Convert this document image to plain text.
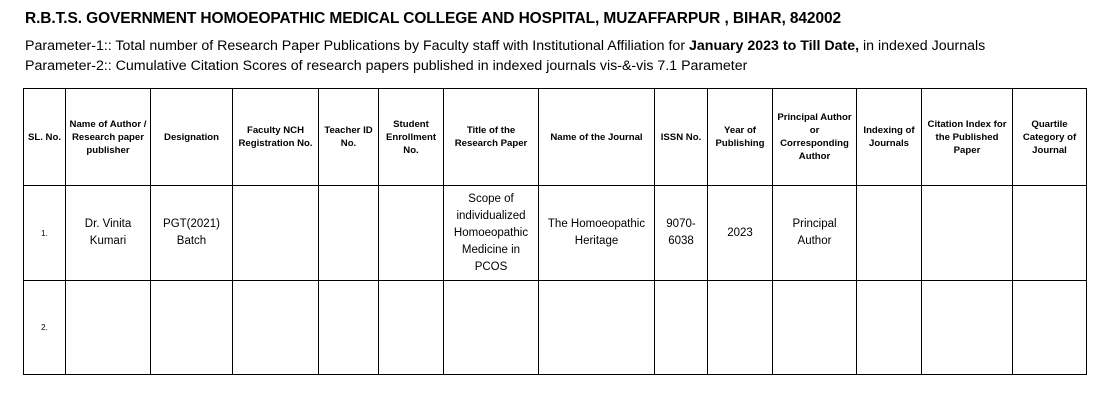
R.B.T.S. GOVERNMENT HOMOEOPATHIC MEDICAL COLLEGE AND HOSPITAL, MUZAFFARPUR , BIHAR, 842002
Parameter-1:: Total number of Research Paper Publications by Faculty staff with Institutional Affiliation for January 2023 to Till Date, in indexed Journals
Parameter-2:: Cumulative Citation Scores of research papers published in indexed journals vis-&-vis 7.1 Parameter
SL. No.	Name of Author / Research paper publisher	Designation	Faculty NCH Registration No.	Teacher ID No.	Student Enrollment No.	Title of the Research Paper	Name of the Journal	ISSN No.	Year of Publishing	Principal Author or Corresponding Author	Indexing of Journals	Citation Index for the Published Paper	Quartile Category of Journal
1.	Dr. Vinita Kumari	PGT(2021) Batch				Scope of individualized Homoeopathic Medicine in PCOS	The Homoeopathic Heritage	9070-6038	2023	Principal Author			
2.													
